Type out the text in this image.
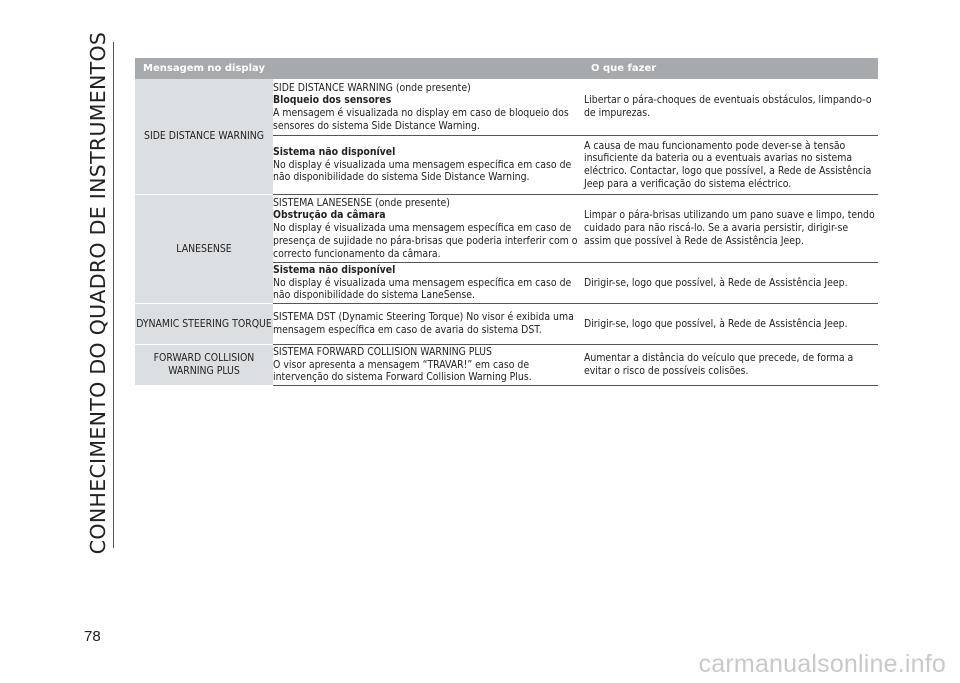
CONHECIMENTO DO QUADRO DE INSTRUMENTOS	Mensagem no display		O que fazer
SIDE DISTANCE WARNING	SIDE DISTANCE WARNING (onde presente)
Bloqueio dos sensores
A mensagem é visualizada no display em caso de bloqueio dos sensores do sistema Side Distance Warning.	Libertar o pára-choques de eventuais obstáculos, limpando-o de impurezas.

	Sistema não disponível
No display é visualizada uma mensagem específica em caso de não disponibilidade do sistema Side Distance Warning.	A causa de mau funcionamento pode dever-se à tensão insuficiente da bateria ou a eventuais avarias no sistema eléctrico. Contactar, logo que possível, a Rede de Assistência Jeep para a verificação do sistema eléctrico.
LANESENSE	SISTEMA LANESENSE (onde presente)
Obstrução da câmara
No display é visualizada uma mensagem específica em caso de presença de sujidade no pára-brisas que poderia interferir com o correcto funcionamento da câmara.	Limpar o pára-brisas utilizando um pano suave e limpo, tendo cuidado para não riscá-lo. Se a avaria persistir, dirigir-se assim que possível à Rede de Assistência Jeep.

	Sistema não disponível
No display é visualizada uma mensagem específica em caso de não disponibilidade do sistema LaneSense.	Dirigir-se, logo que possível, à Rede de Assistência Jeep.
DYNAMIC STEERING TORQUE	SISTEMA DST (Dynamic Steering Torque) No visor é exibida uma mensagem específica em caso de avaria do sistema DST.	Dirigir-se, logo que possível, à Rede de Assistência Jeep.
FORWARD COLLISION WARNING PLUS	SISTEMA FORWARD COLLISION WARNING PLUS
O visor apresenta a mensagem “TRAVAR!” em caso de intervenção do sistema Forward Collision Warning Plus.	Aumentar a distância do veículo que precede, de forma a evitar o risco de possíveis colisões.
78
carmanualsonline.info
